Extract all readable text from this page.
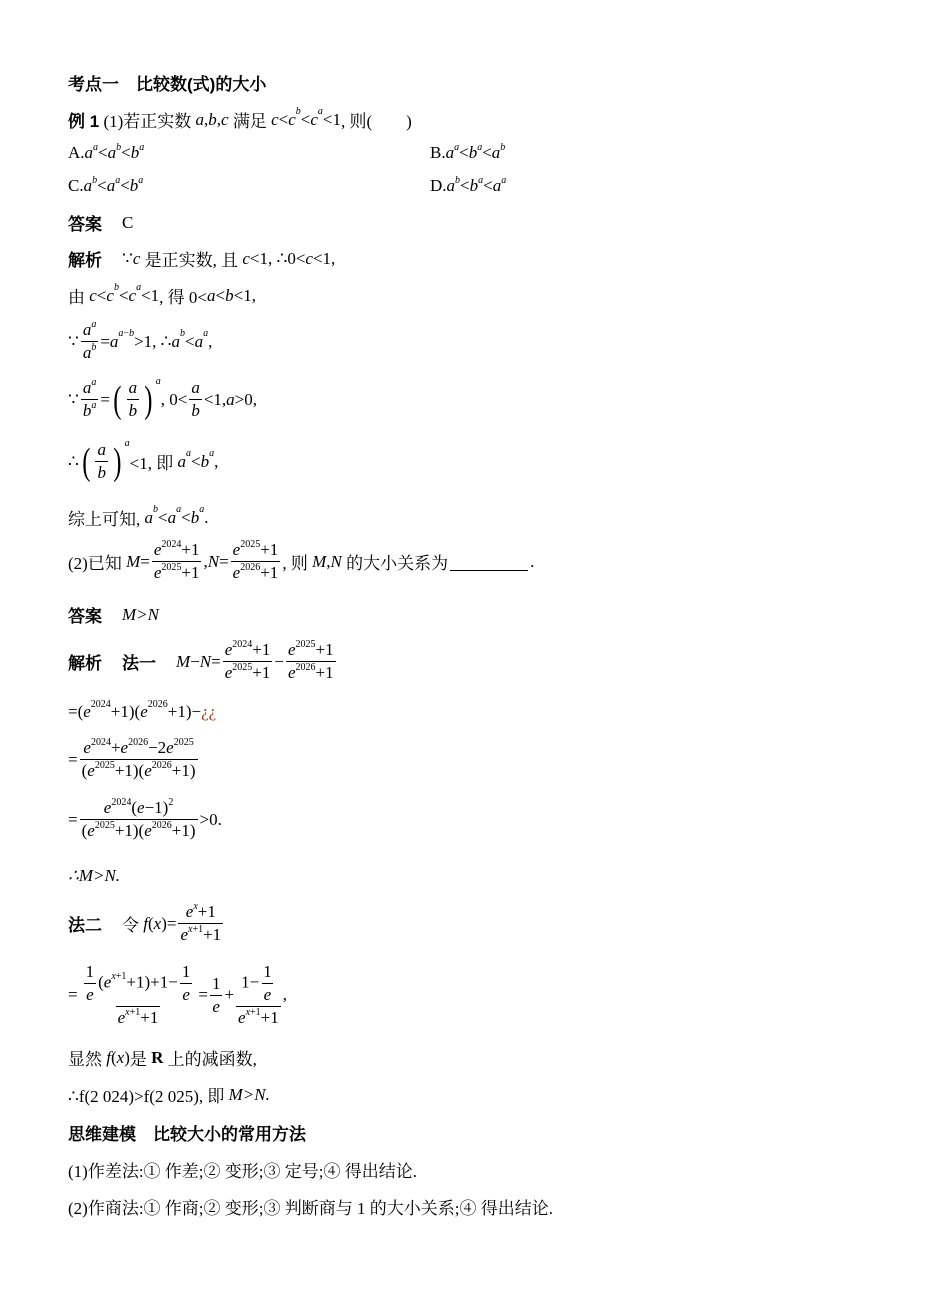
考点一　比较数(式)的大小
例 1
(1)若正实数
a , b , c
满足
c < c $^b$ < c $^a$ <1 , 则(　　)
$A.a^a<a^b<b^a$	$B.a^a<b^a<a^b$
$C.a^b<a^a<b^a$	$D.a^b<b^a<a^a$
答案 C
解析 ∵ c
是正实数, 且
c <1, ∴0< c <1,
由
c < c $^b$ < c $^a$ <1 , 得 0< a < b <1,
∵ $\frac{a^a}{a^b} = a$ $^{a-b}$ >1, ∴ a $^b$ < a $^a$ ,
∵ $\frac{a^a}{b^a}$ = ( $\frac{a}{b}$ ) $^a$
, $0< \frac{a}{b} <1$, a >0,
∴ ( $\frac{a}{b}$ ) $^a$
<1, 即
a $^a$ < b $^a$ ,
综上可知,
a $^b$ < a $^a$ < b $^a$ .
(2)已知
$M = \frac{e^{2024}+1}{e^{2025}+1}$ , $N = \frac{e^{2025}+1}{e^{2026}+1}$ , 则
M , N
的大小关系为	.
答案 M>N
解析 法一 $M - N = \frac{e^{2024}+1}{e^{2025}+1} - \frac{e^{2025}+1}{e^{2026}+1}$
=( $e^{2024} +1$)( $e^{2026} +1)-$ ¿¿
= $\frac{e^{2024}+e^{2026}-2e^{2025}}{(e^{2025}+1)(e^{2026}+1)}$
= $\frac{e^{2024}(e-1)^2}{(e^{2025}+1)(e^{2026}+1)} >0$.
∴M>N.
法二 令
f ( x )= $\frac{e^x+1}{e^{x+1}+1}$
= $\frac{\frac{1}{e} (e^{x+1}+1)+1- \frac{1}{e}}{e^{x+1}+1} = \frac{1}{e} + \frac{1- \frac{1}{e}}{e^{x+1}+1}$ ,
显然
f ( x ) 是
R
上的减函数,
∴f(2 024)>f(2 025), 即
M>N.
思维建模　比较大小的常用方法
(1)作差法:① 作差;② 变形;③ 定号;④ 得出结论.
(2)作商法:① 作商;② 变形;③ 判断商与 1 的大小关系;④ 得出结论.
